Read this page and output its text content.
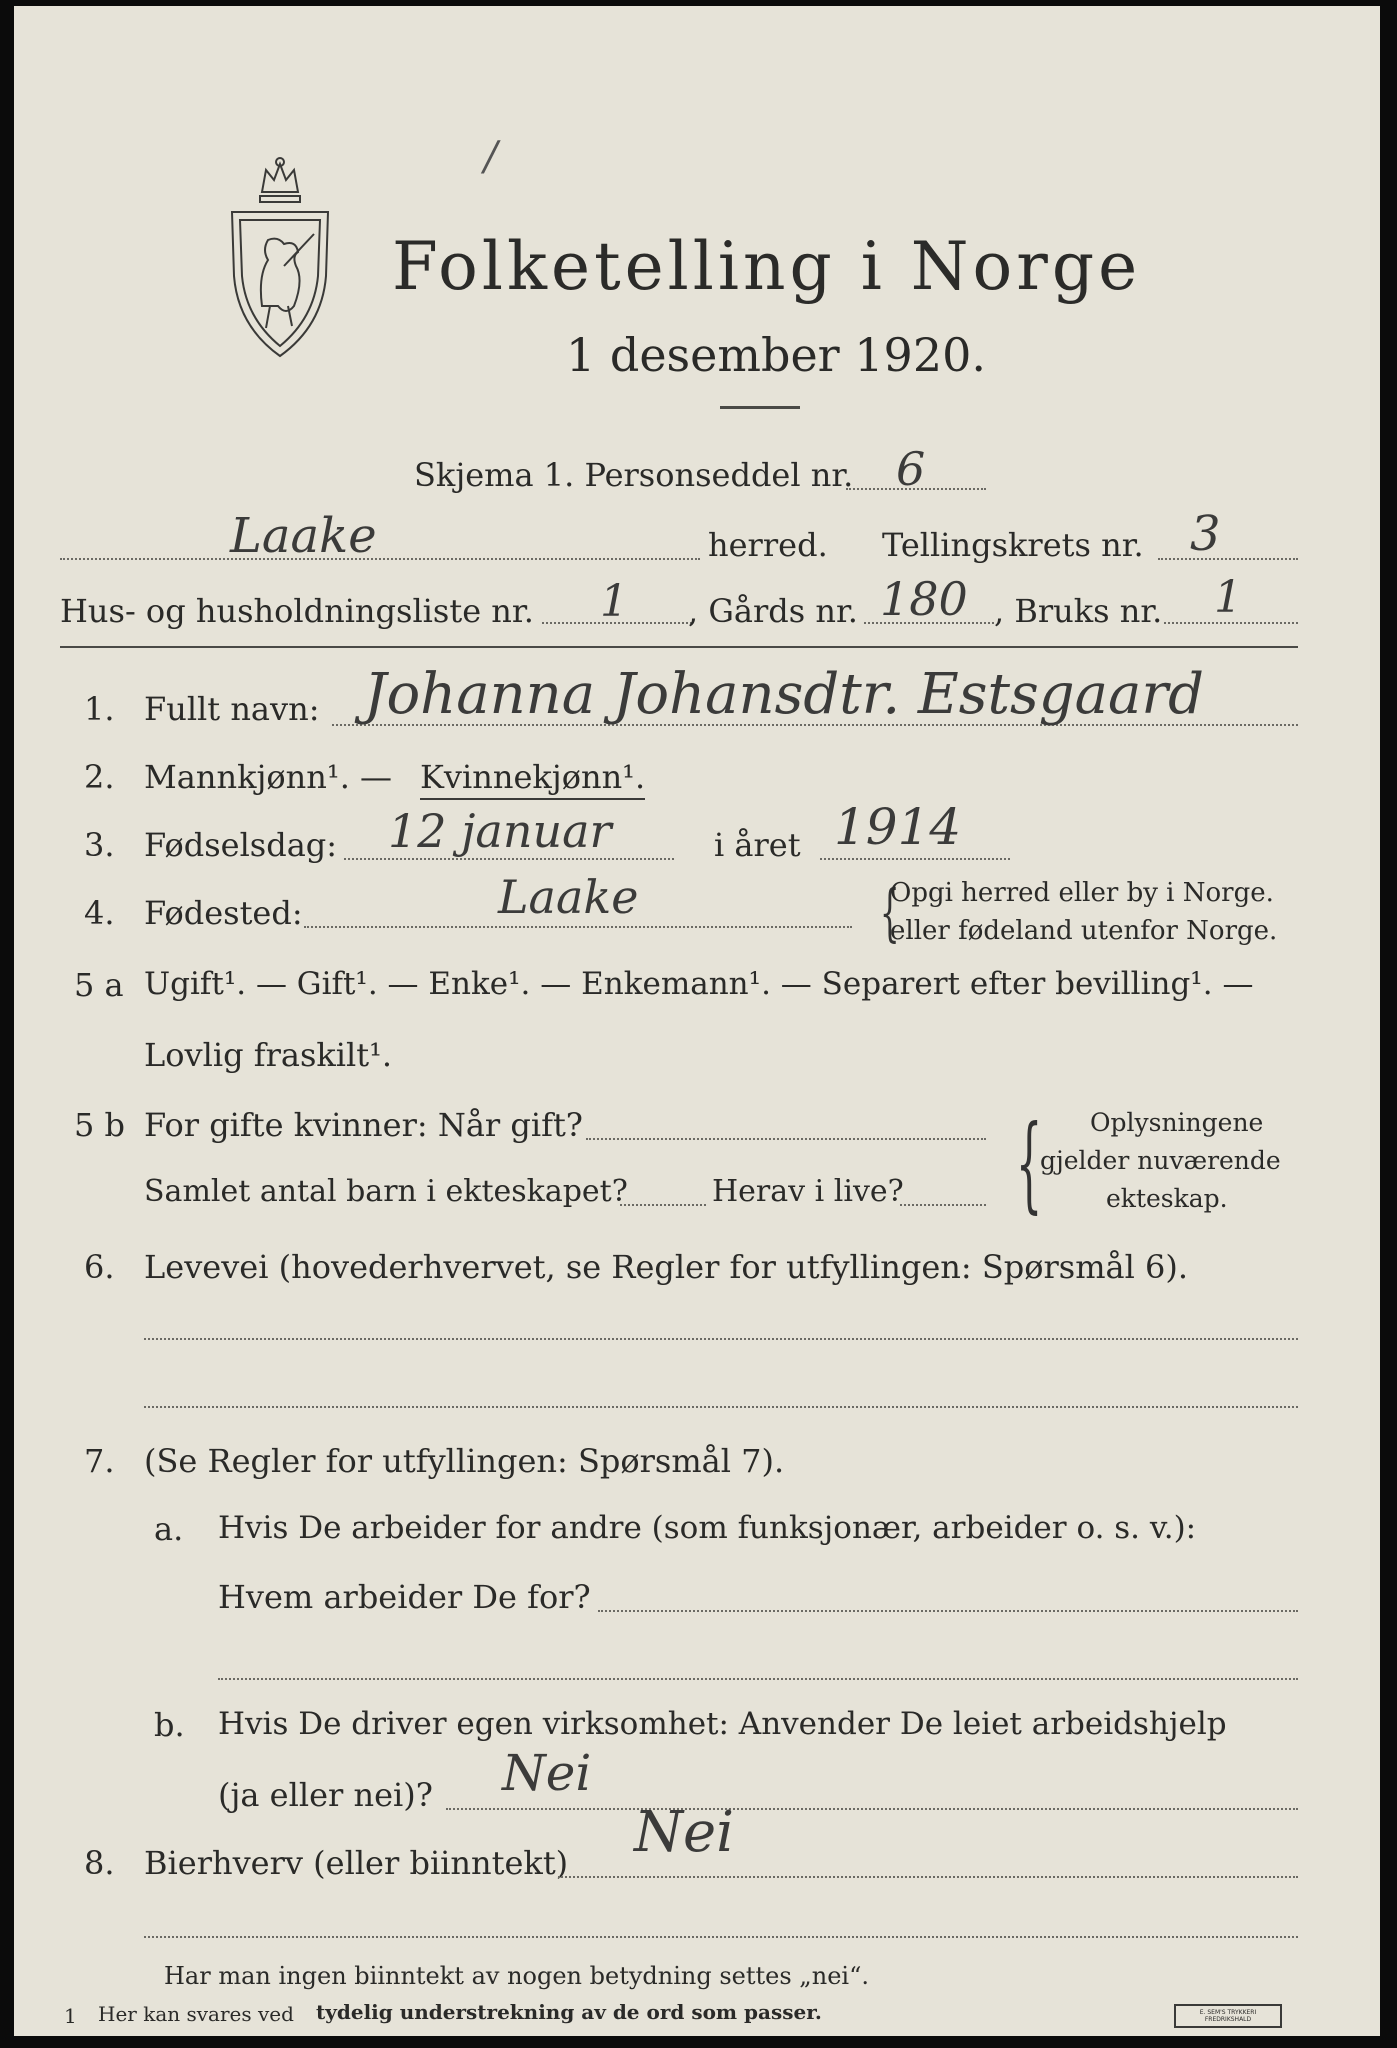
/
Folketelling i Norge
1 desember 1920.
Skjema 1. Personseddel nr. 6
Laake	herred. Tellingskrets nr. 3
Hus- og husholdningsliste nr. 1 , Gårds nr. 180 , Bruks nr. 1
1. Fullt navn: Johanna Johansdtr. Estsgaard
2. Mannkjønn¹. — Kvinnekjønn¹.
3. Fødselsdag: 12 januar	i året 1914
4. Fødested:	Laake	{
Opgi herred eller by i Norge.
eller fødeland utenfor Norge.
5 a Ugift¹. — Gift¹. — Enke¹. — Enkemann¹. — Separert efter bevilling¹. —
Lovlig fraskilt¹.
5 b For gifte kvinner: Når gift?
Samlet antal barn i ekteskapet?	Herav i live? { Oplysningene
gjelder nuværende
ekteskap.
6. Levevei (hovederhvervet, se Regler for utfyllingen: Spørsmål 6).
7. (Se Regler for utfyllingen: Spørsmål 7).
a. Hvis De arbeider for andre (som funksjonær, arbeider o. s. v.):
Hvem arbeider De for?
b. Hvis De driver egen virksomhet: Anvender De leiet arbeidshjelp
(ja eller nei)? Nei
8. Bierhverv (eller biinntekt) Nei
Har man ingen biinntekt av nogen betydning settes „nei“.
1 Her kan svares ved tydelig understrekning av de ord som passer.	E. SEM'S TRYKKERI FREDRIKSHALD
